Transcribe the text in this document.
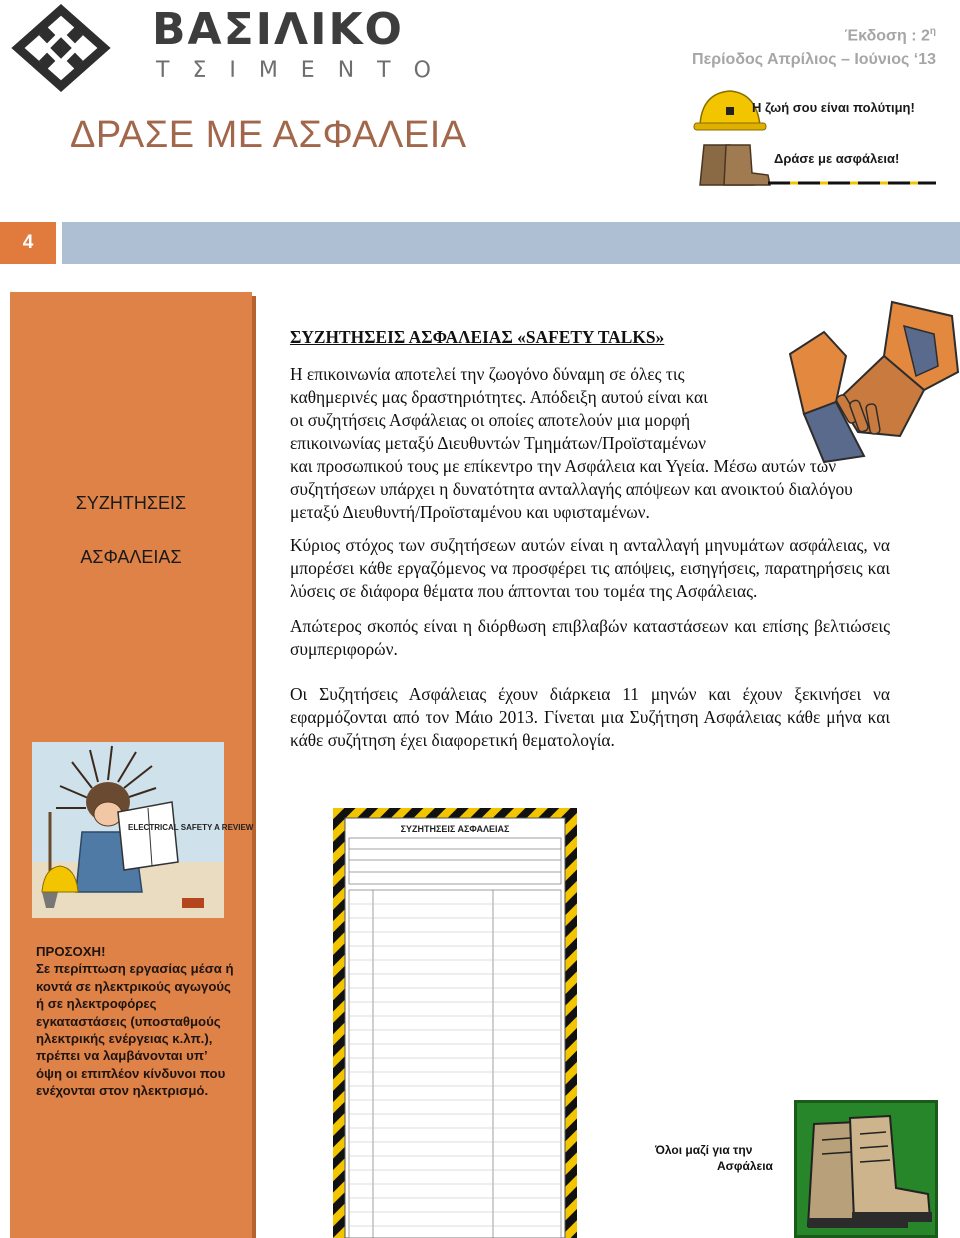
ΒΑΣΙΛΙΚΟ
ΤΣΙΜΕΝΤΟ
Έκδοση : $2^\eta$
Περίοδος Απρίλιος – Ιούνιος ‘13
ΔΡΑΣΕ ΜΕ ΑΣΦΑΛΕΙΑ
Η ζωή σου είναι πολύτιμη!
Δράσε με ασφάλεια!
4
ΣΥΖΗΤΗΣΕΙΣ
ΑΣΦΑΛΕΙΑΣ
ELECTRICAL SAFETY A REVIEW
ΠΡΟΣΟΧΗ!
Σε περίπτωση εργασίας μέσα ή κοντά σε ηλεκτρικούς αγωγούς ή σε ηλεκτροφόρες εγκαταστάσεις (υποσταθμούς ηλεκτρικής ενέργειας κ.λπ.), πρέπει να λαμβάνονται υπ’ όψη οι επιπλέον κίνδυνοι που ενέχονται στον ηλεκτρισμό.
ΣΥΖΗΤΗΣΕΙΣ ΑΣΦΑΛΕΙΑΣ «SAFETY TALKS»
Η επικοινωνία αποτελεί την ζωογόνο δύναμη σε όλες τις
καθημερινές μας δραστηριότητες. Απόδειξη αυτού είναι και
οι συζητήσεις Ασφάλειας οι οποίες αποτελούν μια μορφή
επικοινωνίας μεταξύ Διευθυντών Τμημάτων/Προϊσταμένων
και προσωπικού τους με επίκεντρο την Ασφάλεια και Υγεία. Μέσω αυτών των συζητήσεων υπάρχει η δυνατότητα ανταλλαγής απόψεων και ανοικτού διαλόγου μεταξύ Διευθυντή/Προϊσταμένου και υφισταμένων.
Κύριος στόχος των συζητήσεων αυτών είναι η ανταλλαγή μηνυμάτων ασφάλειας, να μπορέσει κάθε εργαζόμενος να προσφέρει τις απόψεις, εισηγήσεις, παρατηρήσεις και λύσεις σε διάφορα θέματα που άπτονται του τομέα της Ασφάλειας.
Απώτερος σκοπός είναι η διόρθωση επιβλαβών καταστάσεων και επίσης βελτιώσεις συμπεριφορών.
Οι Συζητήσεις Ασφάλειας έχουν διάρκεια 11 μηνών και έχουν ξεκινήσει να εφαρμόζονται από τον Μάιο 2013. Γίνεται μια Συζήτηση Ασφάλειας κάθε μήνα και κάθε συζήτηση έχει διαφορετική θεματολογία.
ΣΥΖΗΤΗΣΕΙΣ ΑΣΦΑΛΕΙΑΣ
Όλοι μαζί για την
Ασφάλεια
